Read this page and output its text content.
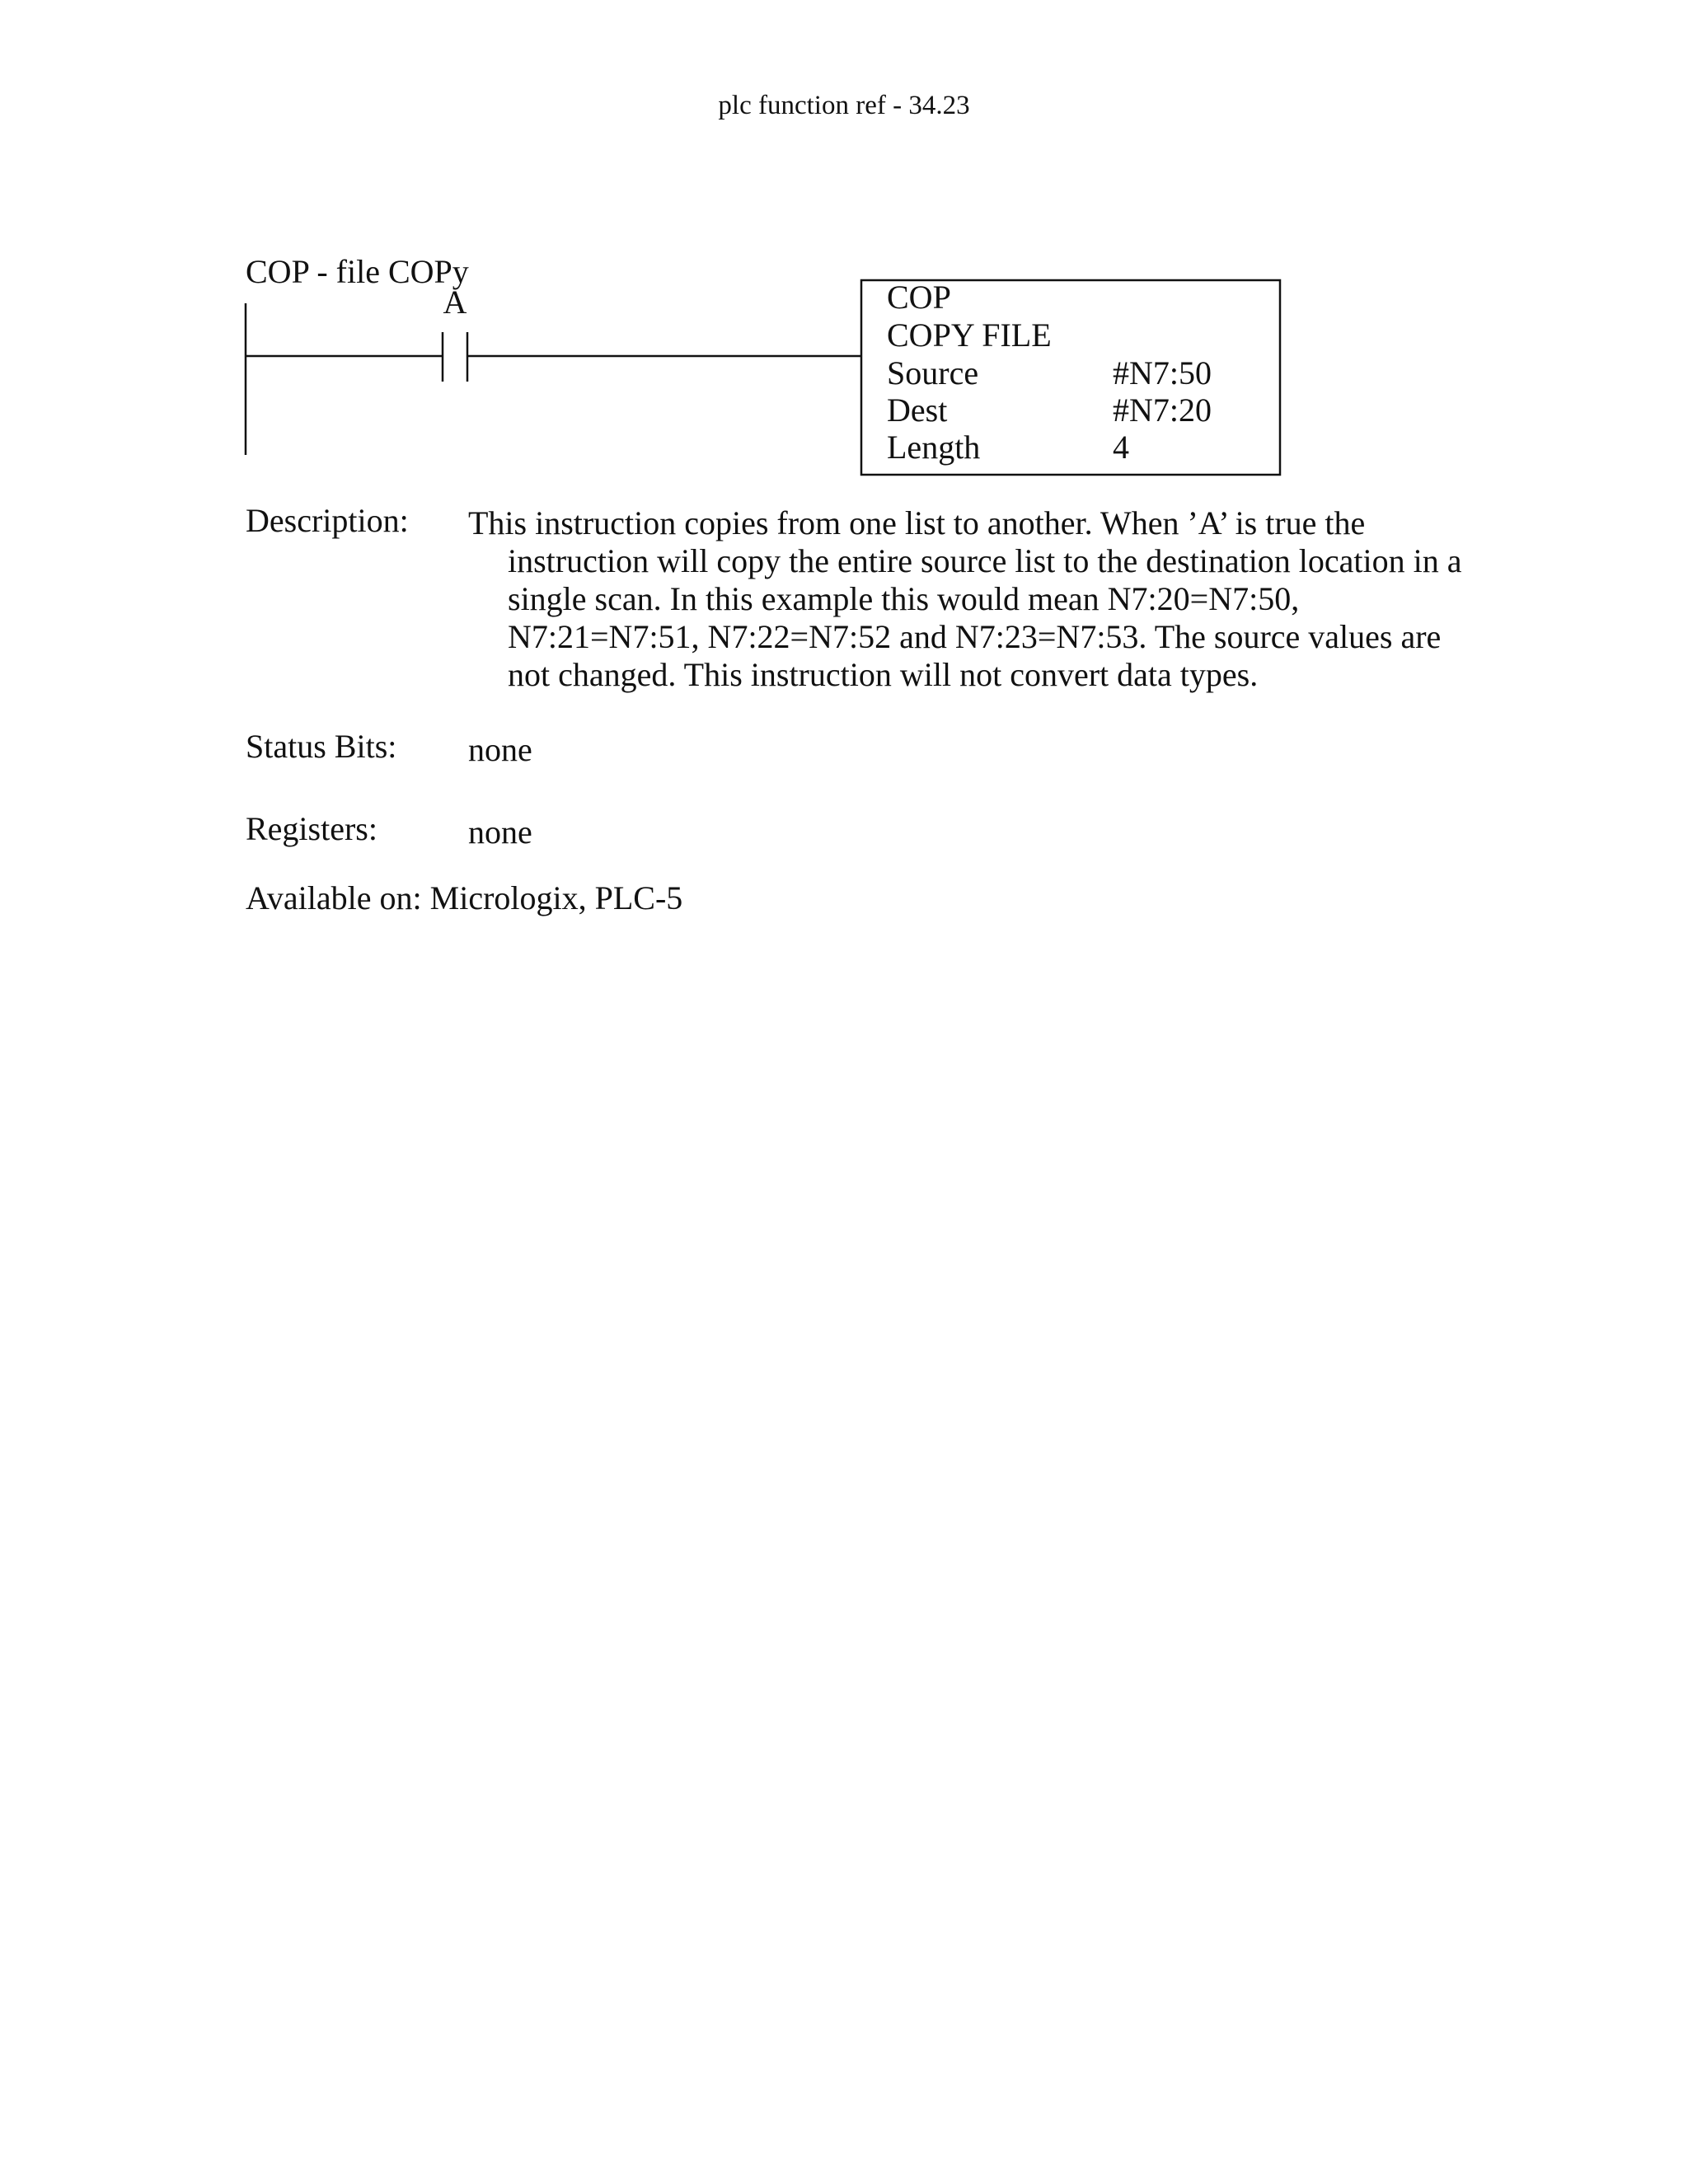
plc function ref - 34.23
COP - file COPy
A	COP
COPY FILE
Source	#N7:50
Dest	#N7:20
Length	4
Description: This instruction copies from one list to another. When ’A’ is true the instruction will copy the entire source list to the destination location in a single scan. In this example this would mean N7:20=N7:50, N7:21=N7:51, N7:22=N7:52 and N7:23=N7:53. The source values are not changed. This instruction will not convert data types.
Status Bits: none
Registers:	none
Available on: Micrologix, PLC-5
